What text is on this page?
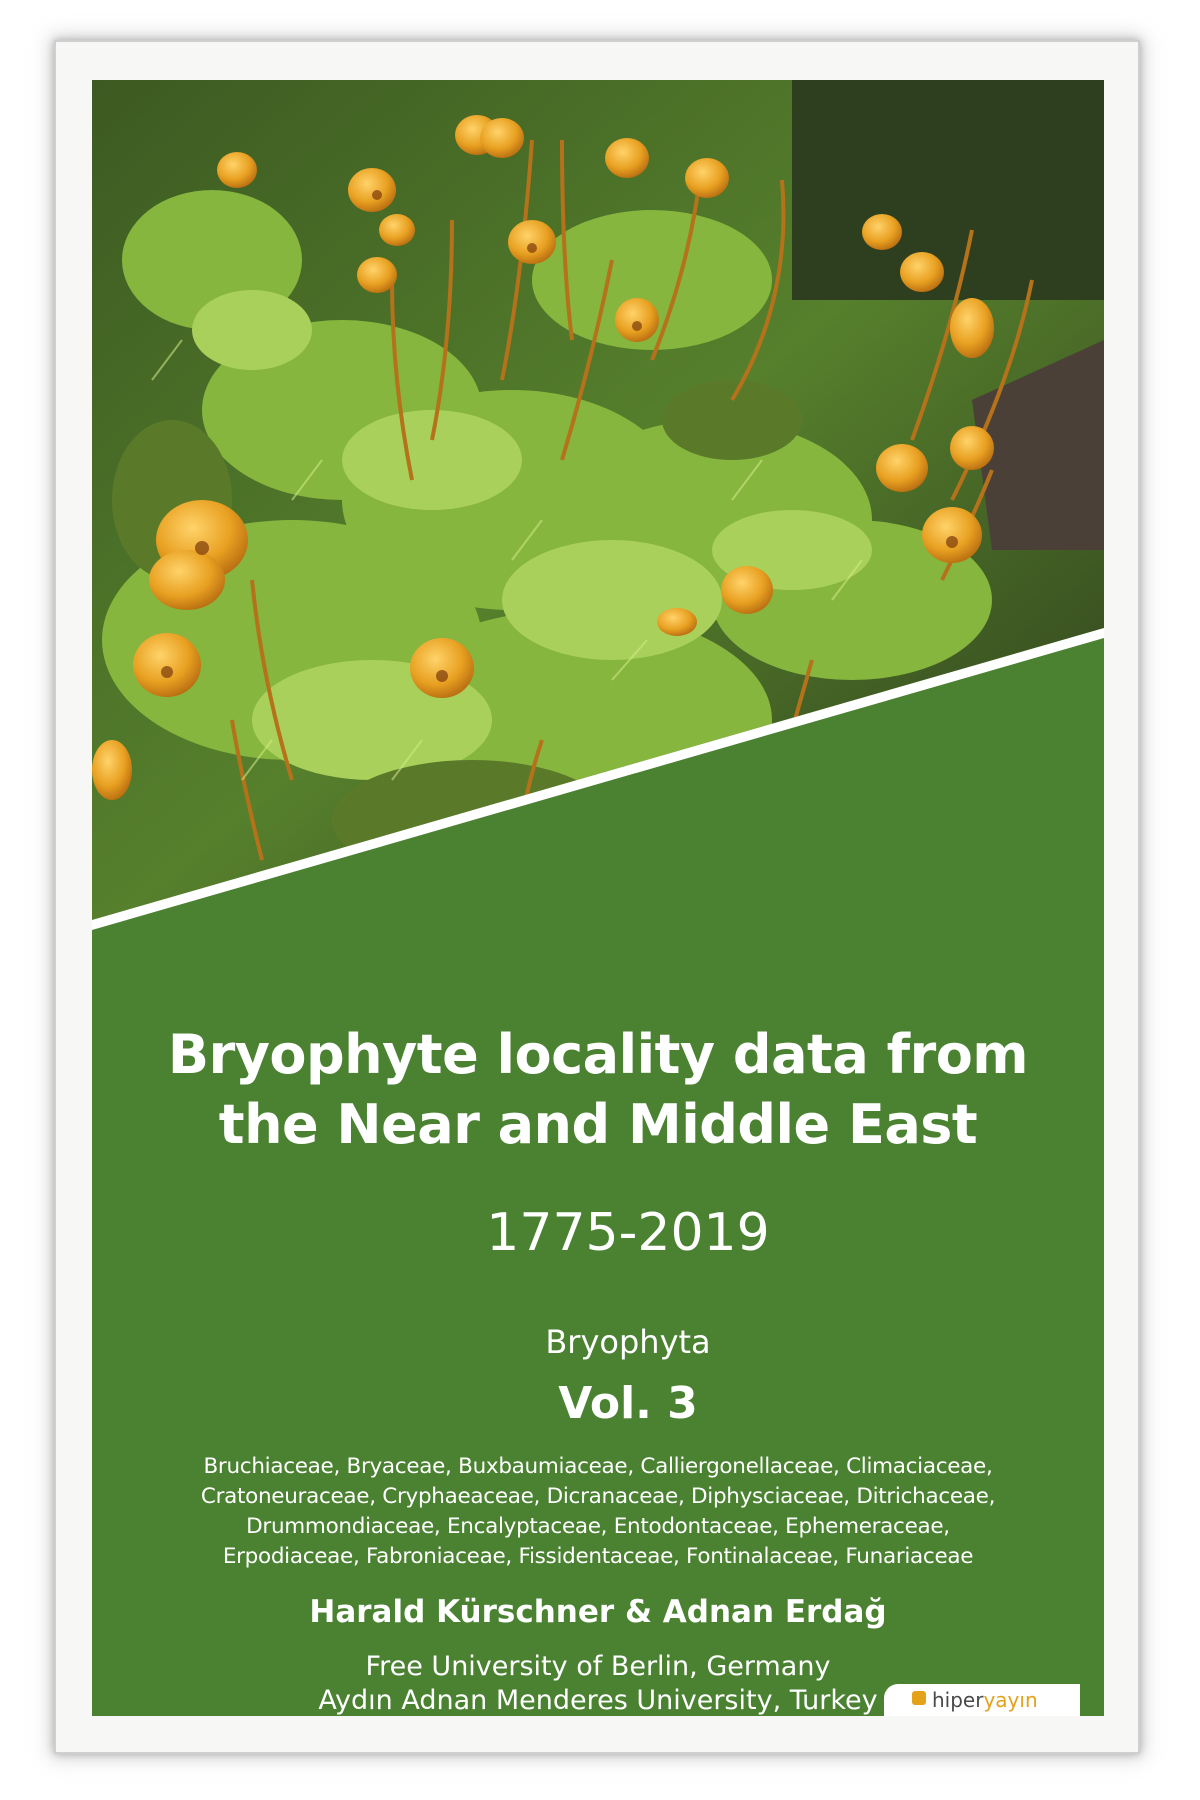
Bryophyte locality data from
the Near and Middle East
1775-2019
Bryophyta
Vol. 3
Bruchiaceae, Bryaceae, Buxbaumiaceae, Calliergonellaceae, Climaciaceae,
Cratoneuraceae, Cryphaeaceae, Dicranaceae, Diphysciaceae, Ditrichaceae,
Drummondiaceae, Encalyptaceae, Entodontaceae, Ephemeraceae,
Erpodiaceae, Fabroniaceae, Fissidentaceae, Fontinalaceae, Funariaceae
Harald Kürschner & Adnan Erdağ
Free University of Berlin, Germany
Aydın Adnan Menderes University, Turkey	hiperyayın
